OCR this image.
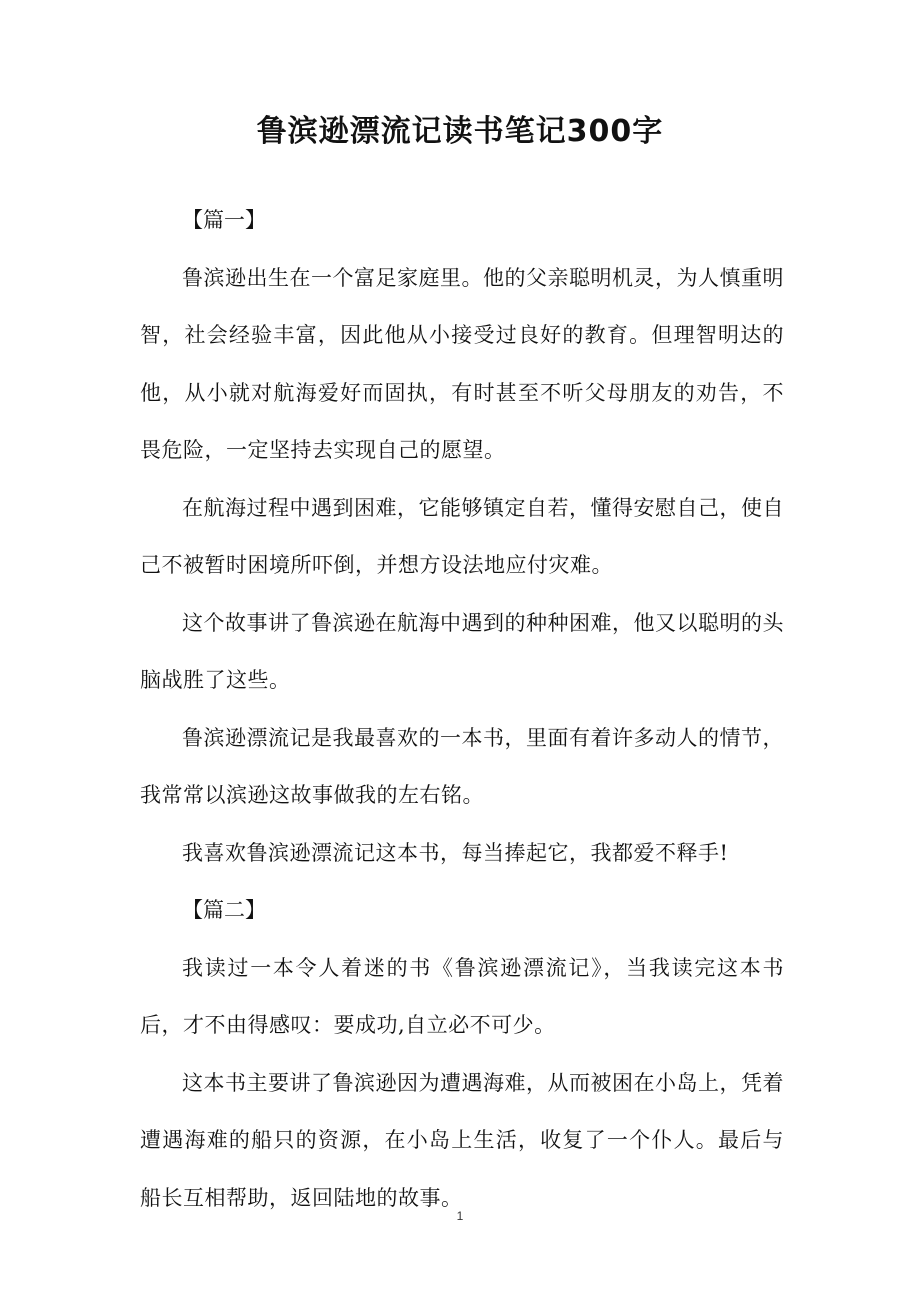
鲁滨逊漂流记读书笔记300字

【篇一】

鲁滨逊出生在一个富足家庭里。他的父亲聪明机灵，为人慎重明智，社会经验丰富，因此他从小接受过良好的教育。但理智明达的他，从小就对航海爱好而固执，有时甚至不听父母朋友的劝告，不畏危险，一定坚持去实现自己的愿望。

在航海过程中遇到困难，它能够镇定自若，懂得安慰自己，使自己不被暂时困境所吓倒，并想方设法地应付灾难。

这个故事讲了鲁滨逊在航海中遇到的种种困难，他又以聪明的头脑战胜了这些。

鲁滨逊漂流记是我最喜欢的一本书，里面有着许多动人的情节，我常常以滨逊这故事做我的左右铭。

我喜欢鲁滨逊漂流记这本书，每当捧起它，我都爱不释手!

【篇二】

我读过一本令人着迷的书《鲁滨逊漂流记》，当我读完这本书后，才不由得感叹：要成功,自立必不可少。

这本书主要讲了鲁滨逊因为遭遇海难，从而被困在小岛上，凭着遭遇海难的船只的资源，在小岛上生活，收复了一个仆人。最后与船长互相帮助，返回陆地的故事。

1
